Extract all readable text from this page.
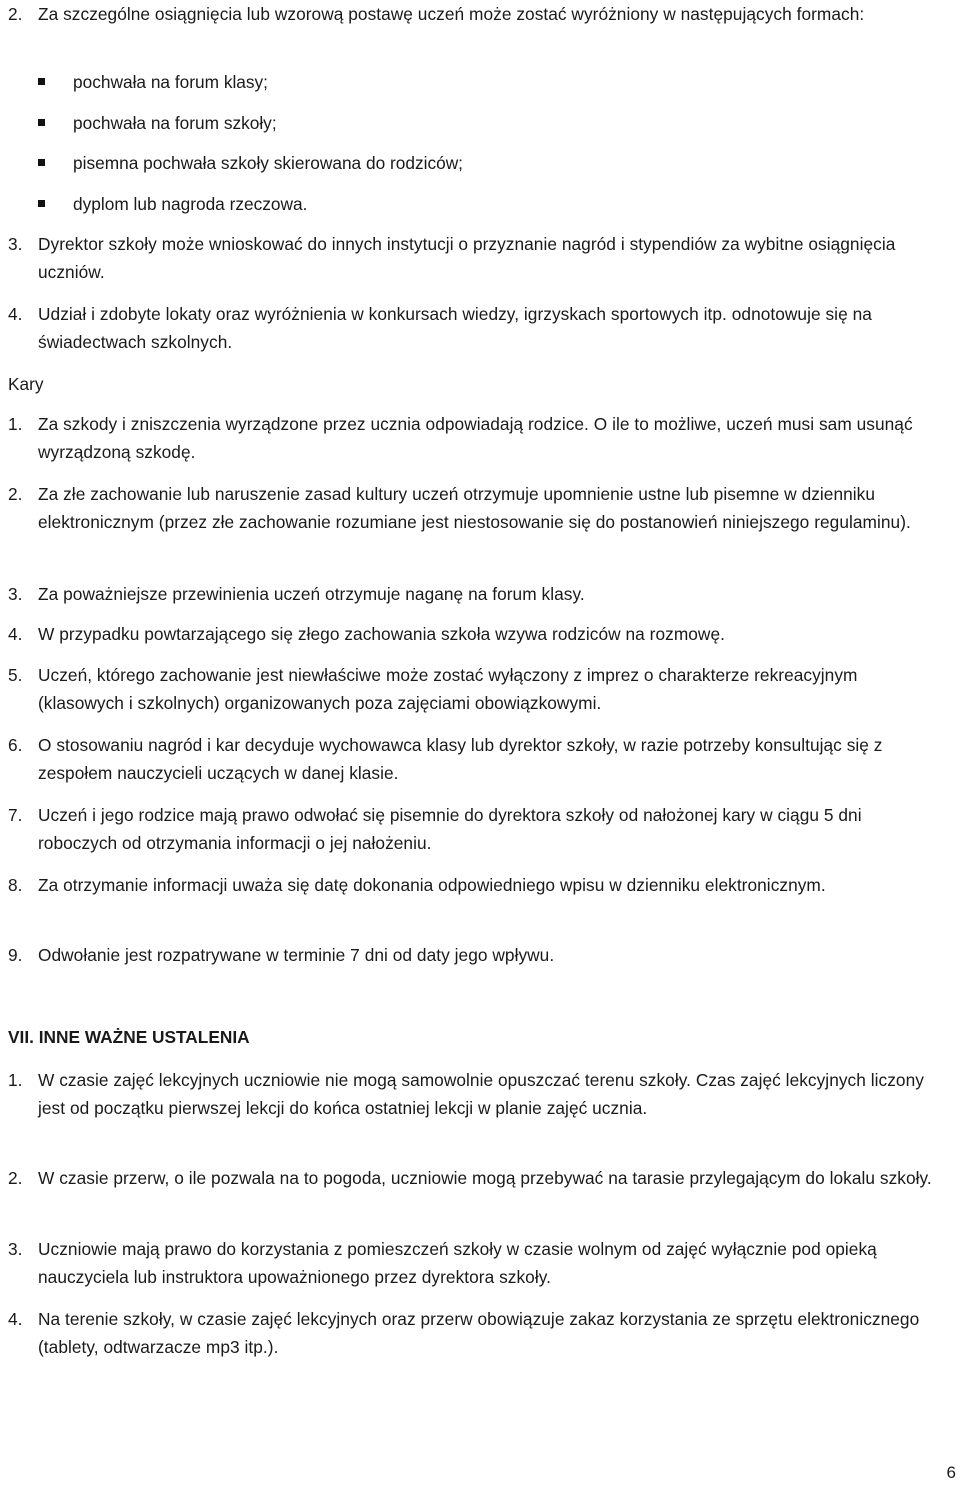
2. Za szczególne osiągnięcia lub wzorową postawę uczeń może zostać wyróżniony w następujących formach:
pochwała na forum klasy;
pochwała na forum szkoły;
pisemna pochwała szkoły skierowana do rodziców;
dyplom lub nagroda rzeczowa.
3. Dyrektor szkoły może wnioskować do innych instytucji o przyznanie nagród i stypendiów za wybitne osiągnięcia uczniów.
4. Udział i zdobyte lokaty oraz wyróżnienia w konkursach wiedzy, igrzyskach sportowych itp. odnotowuje się na świadectwach szkolnych.
Kary
1. Za szkody i zniszczenia wyrządzone przez ucznia odpowiadają rodzice. O ile to możliwe, uczeń musi sam usunąć wyrządzoną szkodę.
2. Za złe zachowanie lub naruszenie zasad kultury uczeń otrzymuje upomnienie ustne lub pisemne w dzienniku elektronicznym (przez złe zachowanie rozumiane jest niestosowanie się do postanowień niniejszego regulaminu).
3. Za poważniejsze przewinienia uczeń otrzymuje naganę na forum klasy.
4. W przypadku powtarzającego się złego zachowania szkoła wzywa rodziców na rozmowę.
5. Uczeń, którego zachowanie jest niewłaściwe może zostać wyłączony z imprez o charakterze rekreacyjnym (klasowych i szkolnych) organizowanych poza zajęciami obowiązkowymi.
6. O stosowaniu nagród i kar decyduje wychowawca klasy lub dyrektor szkoły, w razie potrzeby konsultując się z zespołem nauczycieli uczących w danej klasie.
7. Uczeń i jego rodzice mają prawo odwołać się pisemnie do dyrektora szkoły od nałożonej kary w ciągu 5 dni roboczych od otrzymania informacji o jej nałożeniu.
8. Za otrzymanie informacji uważa się datę dokonania odpowiedniego wpisu w dzienniku elektronicznym.
9. Odwołanie jest rozpatrywane w terminie 7 dni od daty jego wpływu.
VII. INNE WAŻNE USTALENIA
1. W czasie zajęć lekcyjnych uczniowie nie mogą samowolnie opuszczać terenu szkoły. Czas zajęć lekcyjnych liczony jest od początku pierwszej lekcji do końca ostatniej lekcji w planie zajęć ucznia.
2. W czasie przerw, o ile pozwala na to pogoda, uczniowie mogą przebywać na tarasie przylegającym do lokalu szkoły.
3. Uczniowie mają prawo do korzystania z pomieszczeń szkoły w czasie wolnym od zajęć wyłącznie pod opieką nauczyciela lub instruktora upoważnionego przez dyrektora szkoły.
4. Na terenie szkoły, w czasie zajęć lekcyjnych oraz przerw obowiązuje zakaz korzystania ze sprzętu elektronicznego (tablety, odtwarzacze mp3 itp.).
6
